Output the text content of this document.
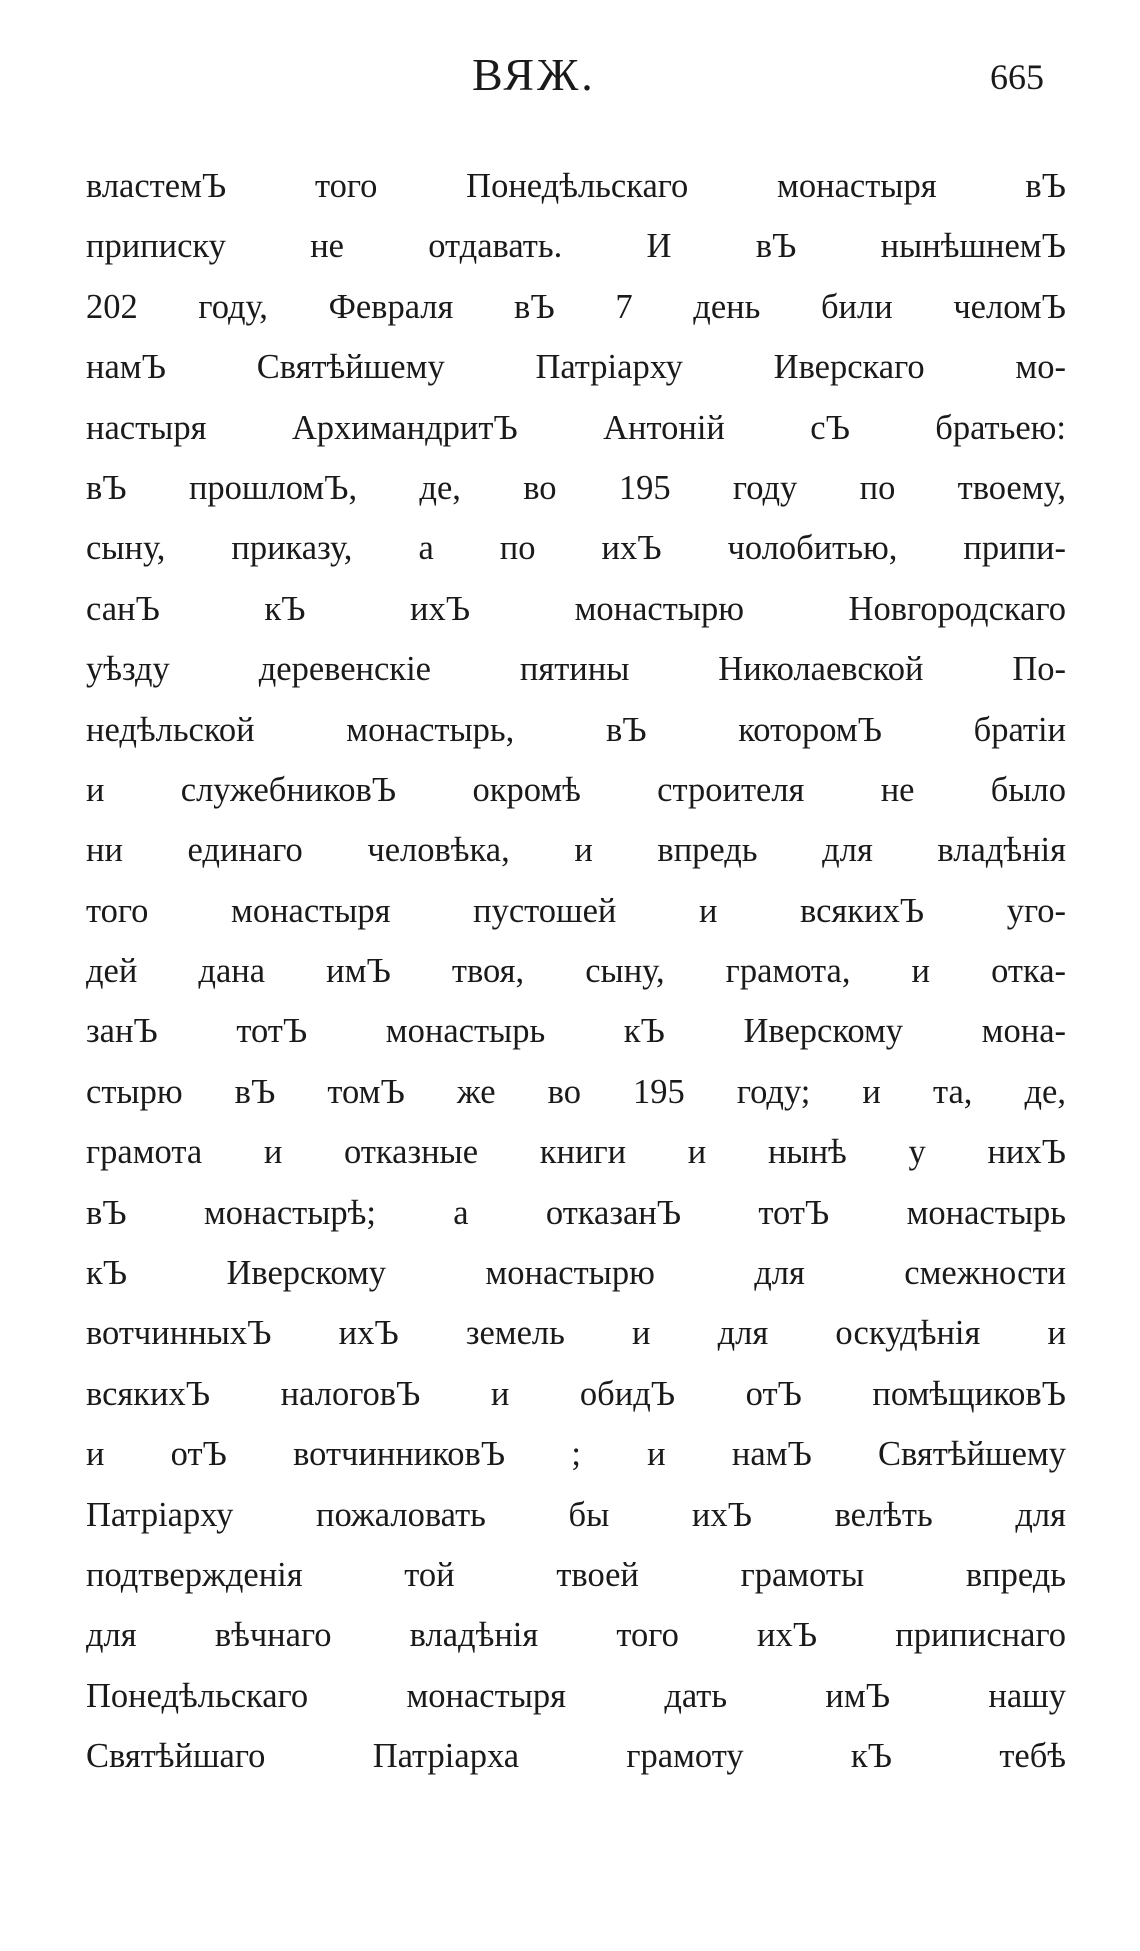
ВЯЖ.	665
властемЪ того Понедѣльскаго монастыря вЪ
приписку не отдавать. И вЪ нынѣшнемЪ
202 году, Февраля вЪ 7 день били челомЪ
намЪ Святѣйшему Патріарху Иверскаго мо-
настыря АрхимандритЪ Антоній сЪ братьею:
вЪ прошломЪ, де, во 195 году по твоему,
сыну, приказу, а по ихЪ чолобитью, припи-
санЪ кЪ ихЪ монастырю Новгородскаго
уѣзду деревенскіе пятины Николаевской По-
недѣльской монастырь, вЪ которомЪ братіи
и служебниковЪ окромѣ строителя не было
ни единаго человѣка, и впредь для владѣнія
того монастыря пустошей и всякихЪ уго-
дей дана имЪ твоя, сыну, грамота, и отка-
занЪ тотЪ монастырь кЪ Иверскому мона-
стырю вЪ томЪ же во 195 году; и та, де,
грамота и отказные книги и нынѣ у нихЪ
вЪ монастырѣ; а отказанЪ тотЪ монастырь
кЪ Иверскому монастырю для смежности
вотчинныхЪ ихЪ земель и для оскудѣнія и
всякихЪ налоговЪ и обидЪ отЪ помѣщиковЪ
и отЪ вотчинниковЪ ; и намЪ Святѣйшему
Патріарху пожаловать бы ихЪ велѣть для
подтвержденія той твоей грамоты впредь
для вѣчнаго владѣнія того ихЪ приписнаго
Понедѣльскаго монастыря дать имЪ нашу
Святѣйшаго Патріарха грамоту кЪ тебѣ
